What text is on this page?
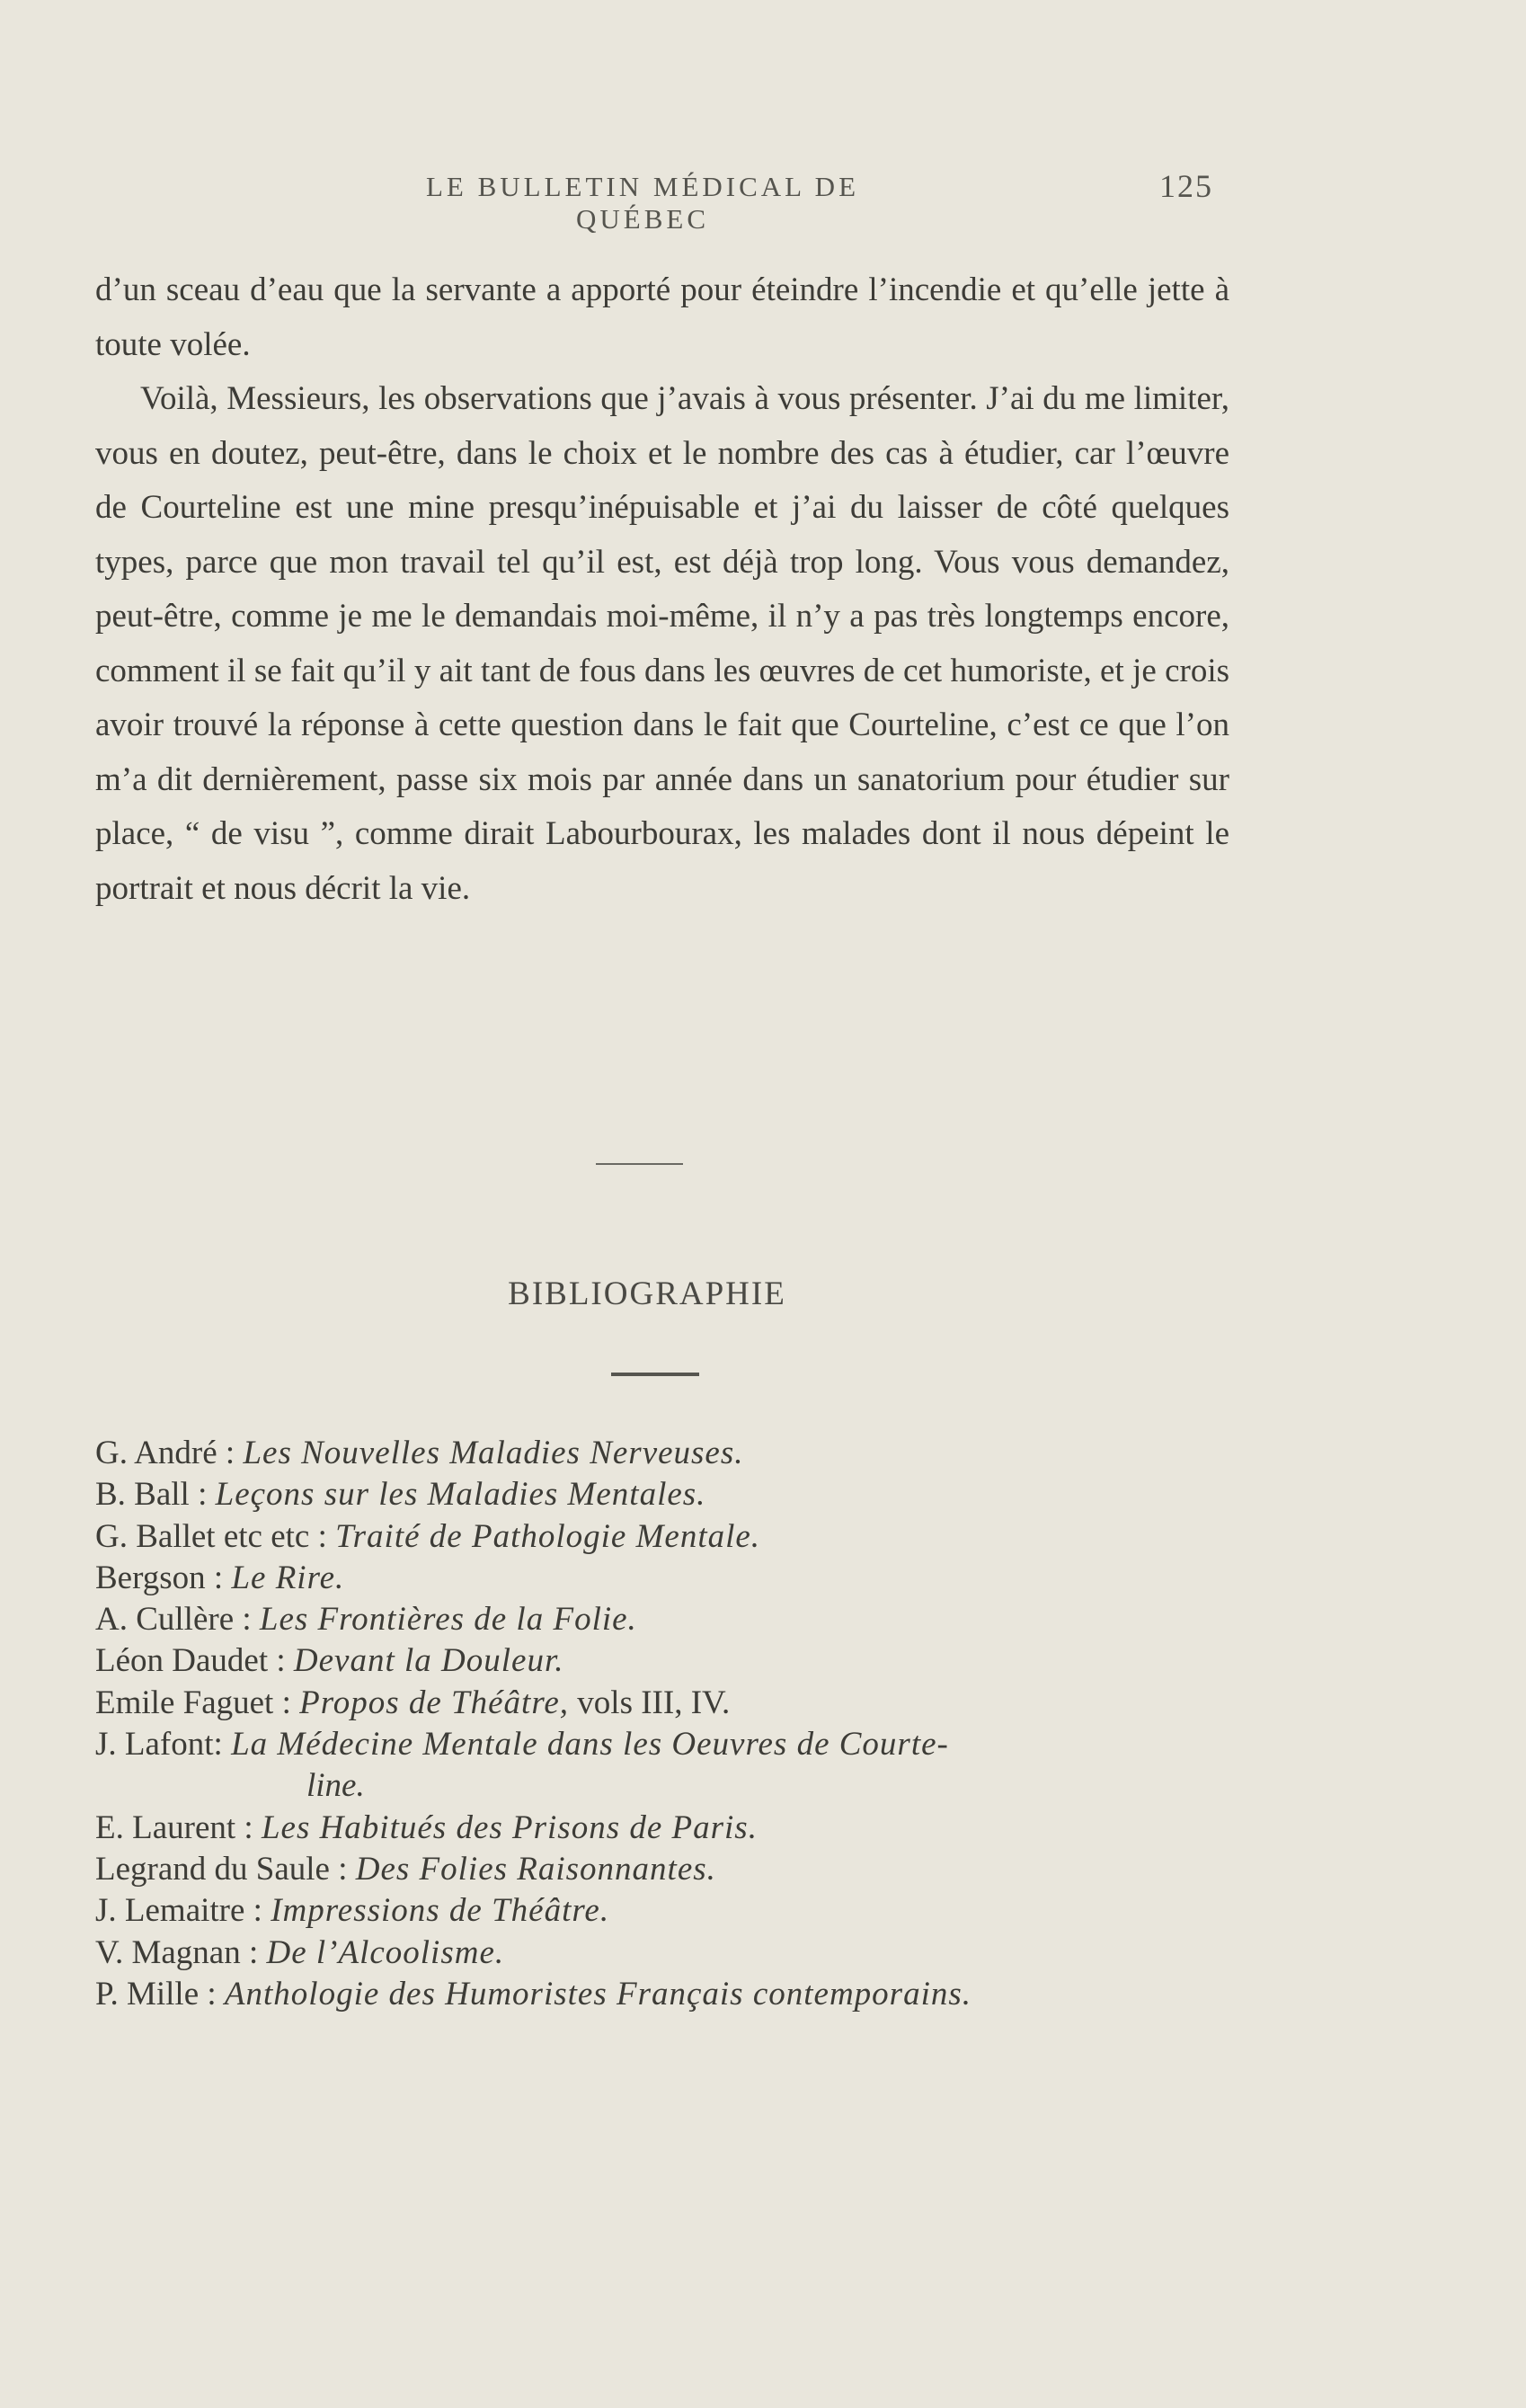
LE BULLETIN MÉDICAL DE QUÉBEC
125

d’un sceau d’eau que la servante a apporté pour éteindre l’incendie et qu’elle jette à toute volée.

Voilà, Messieurs, les observations que j’avais à vous présenter. J’ai du me limiter, vous en doutez, peut-être, dans le choix et le nombre des cas à étudier, car l’œuvre de Courteline est une mine presqu’inépuisable et j’ai du laisser de côté quelques types, parce que mon travail tel qu’il est, est déjà trop long. Vous vous demandez, peut-être, comme je me le demandais moi-même, il n’y a pas très longtemps encore, comment il se fait qu’il y ait tant de fous dans les œuvres de cet humoriste, et je crois avoir trouvé la réponse à cette question dans le fait que Courteline, c’est ce que l’on m’a dit dernièrement, passe six mois par année dans un sanatorium pour étudier sur place, “ de visu ”, comme dirait Labourbourax, les malades dont il nous dépeint le portrait et nous décrit la vie.

BIBLIOGRAPHIE
G. André : Les Nouvelles Maladies Nerveuses.
B. Ball : Leçons sur les Maladies Mentales.
G. Ballet etc etc : Traité de Pathologie Mentale.
Bergson : Le Rire.
A. Cullère : Les Frontières de la Folie.
Léon Daudet : Devant la Douleur.
Emile Faguet : Propos de Théâtre, vols III, IV.
J. Lafont: La Médecine Mentale dans les Oeuvres de Courte-
line.
E. Laurent : Les Habitués des Prisons de Paris.
Legrand du Saule : Des Folies Raisonnantes.
J. Lemaitre : Impressions de Théâtre.
V. Magnan : De l’Alcoolisme.
P. Mille : Anthologie des Humoristes Français contemporains.
